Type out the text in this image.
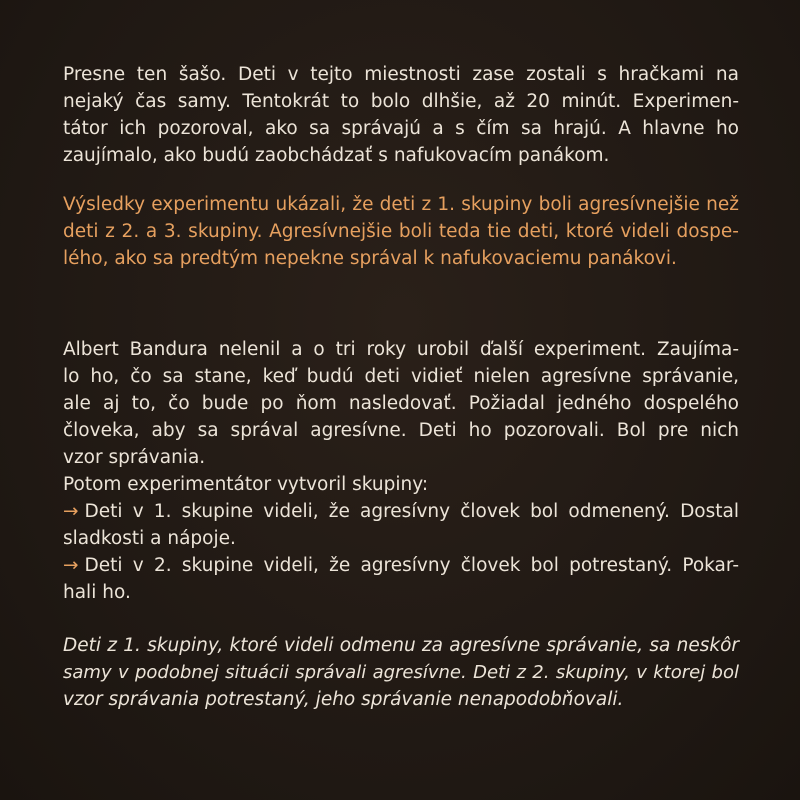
Presne ten šašo. Deti v tejto miestnosti zase zostali s hračkami na
nejaký čas samy. Tentokrát to bolo dlhšie, až 20 minút. Experimen-
tátor ich pozoroval, ako sa správajú a s čím sa hrajú. A hlavne ho
zaujímalo, ako budú zaobchádzať s nafukovacím panákom.
Výsledky experimentu ukázali, že deti z 1. skupiny boli agresívnejšie než
deti z 2. a 3. skupiny. Agresívnejšie boli teda tie deti, ktoré videli dospe-
lého, ako sa predtým nepekne správal k nafukovaciemu panákovi.
Albert Bandura nelenil a o tri roky urobil ďalší experiment. Zaujíma-
lo ho, čo sa stane, keď budú deti vidieť nielen agresívne správanie,
ale aj to, čo bude po ňom nasledovať. Požiadal jedného dospelého
človeka, aby sa správal agresívne. Deti ho pozorovali. Bol pre nich
vzor správania.
Potom experimentátor vytvoril skupiny:
→ Deti v 1. skupine videli, že agresívny človek bol odmenený. Dostal
sladkosti a nápoje.
→ Deti v 2. skupine videli, že agresívny človek bol potrestaný. Pokar-
hali ho.
Deti z 1. skupiny, ktoré videli odmenu za agresívne správanie, sa neskôr
samy v podobnej situácii správali agresívne. Deti z 2. skupiny, v ktorej bol
vzor správania potrestaný, jeho správanie nenapodobňovali.
